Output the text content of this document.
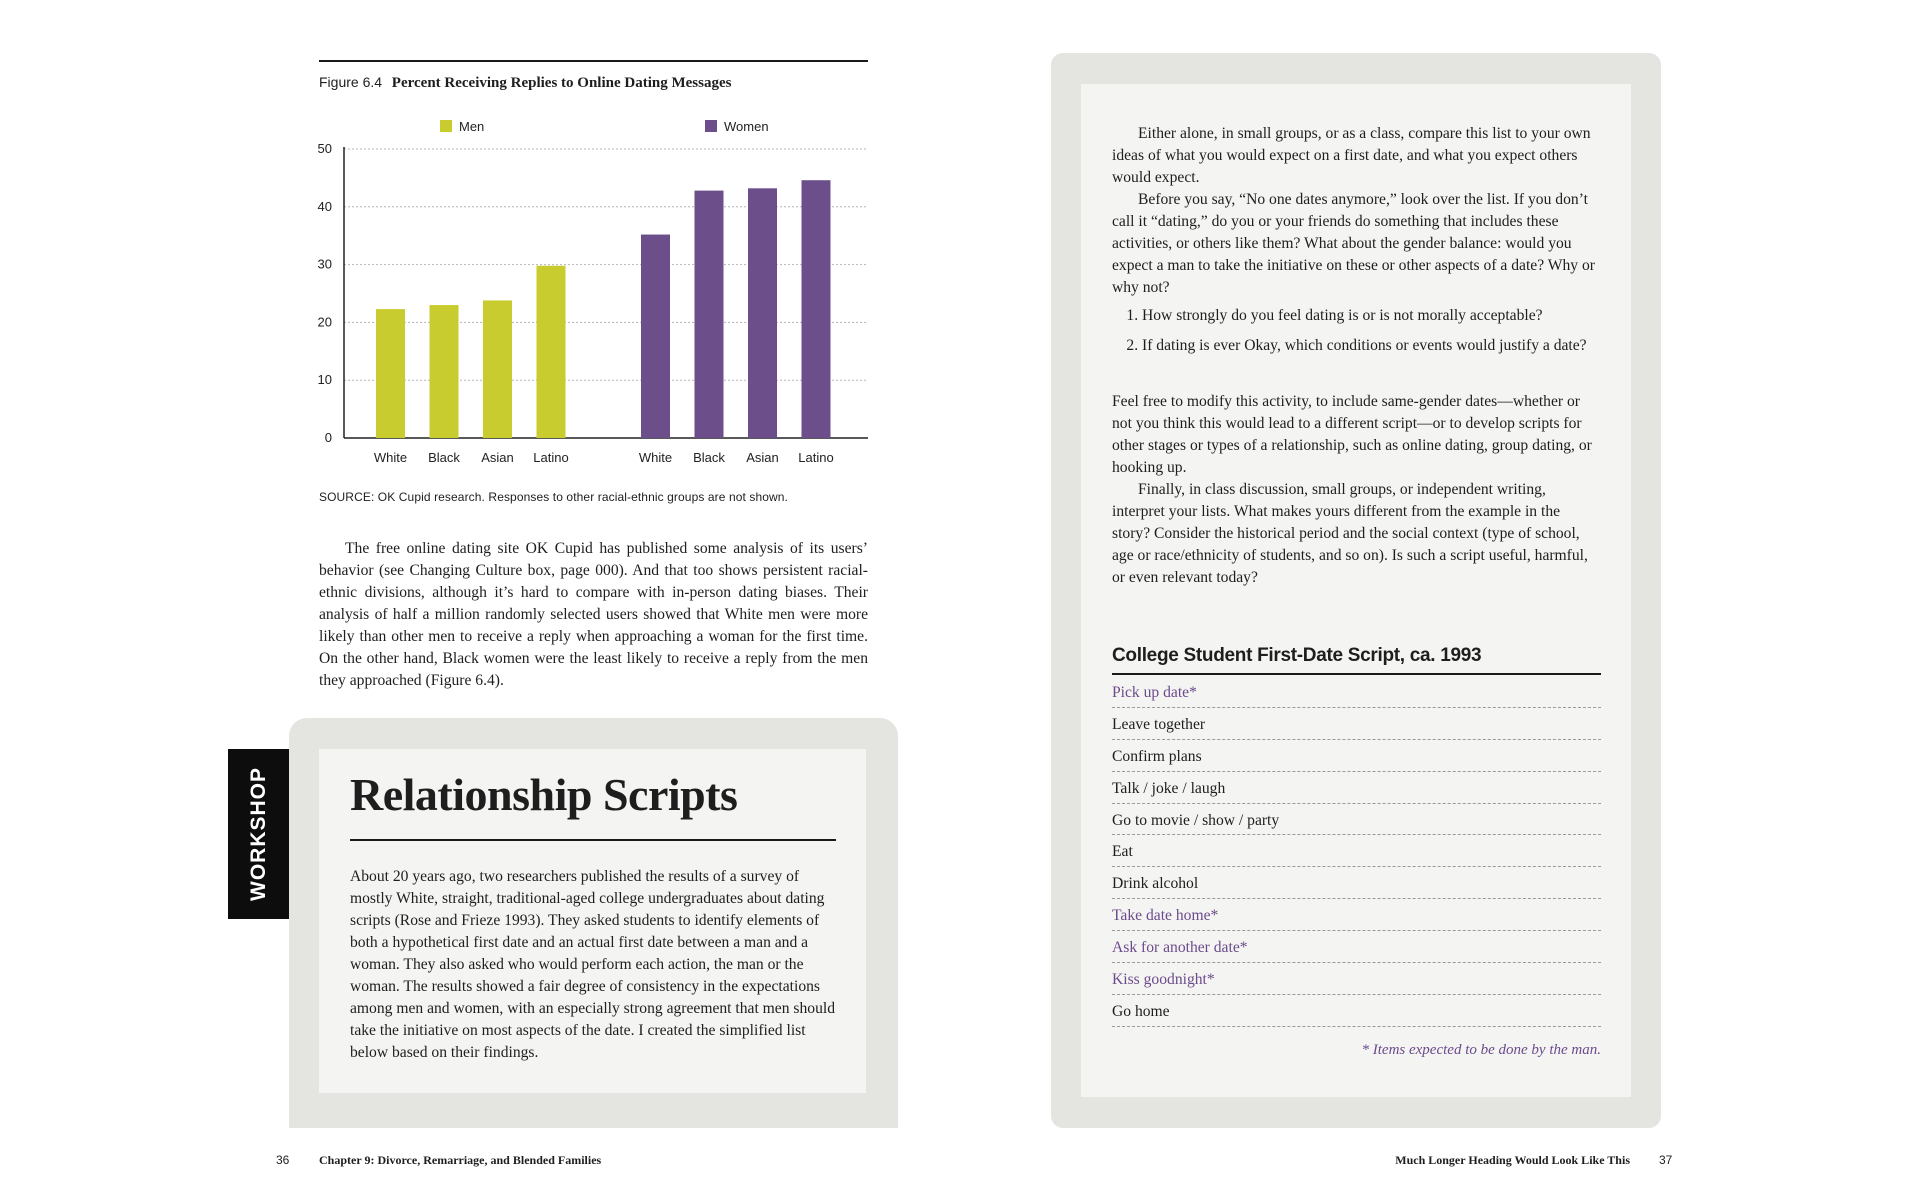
Figure 6.4 Percent Receiving Replies to Online Dating Messages
0
10
20
30
40
50
Men
White Black Asian Latino
Women
White Black Asian Latino
SOURCE: OK Cupid research. Responses to other racial-ethnic groups are not shown.
The free online dating site OK Cupid has published some analysis of its users’ behavior (see Changing Culture box, page 000). And that too shows persistent racial-ethnic divisions, although it’s hard to compare with in-person dating biases. Their analysis of half a million randomly selected users showed that White men were more likely than other men to receive a reply when approaching a woman for the first time. On the other hand, Black women were the least likely to receive a reply from the men they approached (Figure 6.4).
WORKSHOP Relationship Scripts
About 20 years ago, two researchers published the results of a survey of mostly White, straight, traditional-aged college undergraduates about dating scripts (Rose and Frieze 1993). They asked students to identify elements of both a hypothetical first date and an actual first date between a man and a woman. They also asked who would perform each action, the man or the woman. The results showed a fair degree of consistency in the expectations among men and women, with an especially strong agreement that men should take the initiative on most aspects of the date. I created the simplified list below based on their findings.

Either alone, in small groups, or as a class, compare this list to your own ideas of what you would expect on a first date, and what you expect others would expect.

Before you say, “No one dates anymore,” look over the list. If you don’t call it “dating,” do you or your friends do something that includes these activities, or others like them? What about the gender balance: would you expect a man to take the initiative on these or other aspects of a date? Why or why not?

1. How strongly do you feel dating is or is not morally acceptable?
2. If dating is ever Okay, which conditions or events would justify a date?

Feel free to modify this activity, to include same-gender dates—whether or not you think this would lead to a different script—or to develop scripts for other stages or types of a relationship, such as online dating, group dating, or hooking up.

Finally, in class discussion, small groups, or independent writing, interpret your lists. What makes yours different from the example in the story? Consider the historical period and the social context (type of school, age or race/ethnicity of students, and so on). Is such a script useful, harmful, or even relevant today?

College Student First-Date Script, ca. 1993
Pick up date*
Leave together
Confirm plans
Talk / joke / laugh
Go to movie / show / party
Eat
Drink alcohol
Take date home*
Ask for another date*
Kiss goodnight*
Go home
* Items expected to be done by the man.
36 Chapter 9: Divorce, Remarriage, and Blended Families	Much Longer Heading Would Look Like This 37
